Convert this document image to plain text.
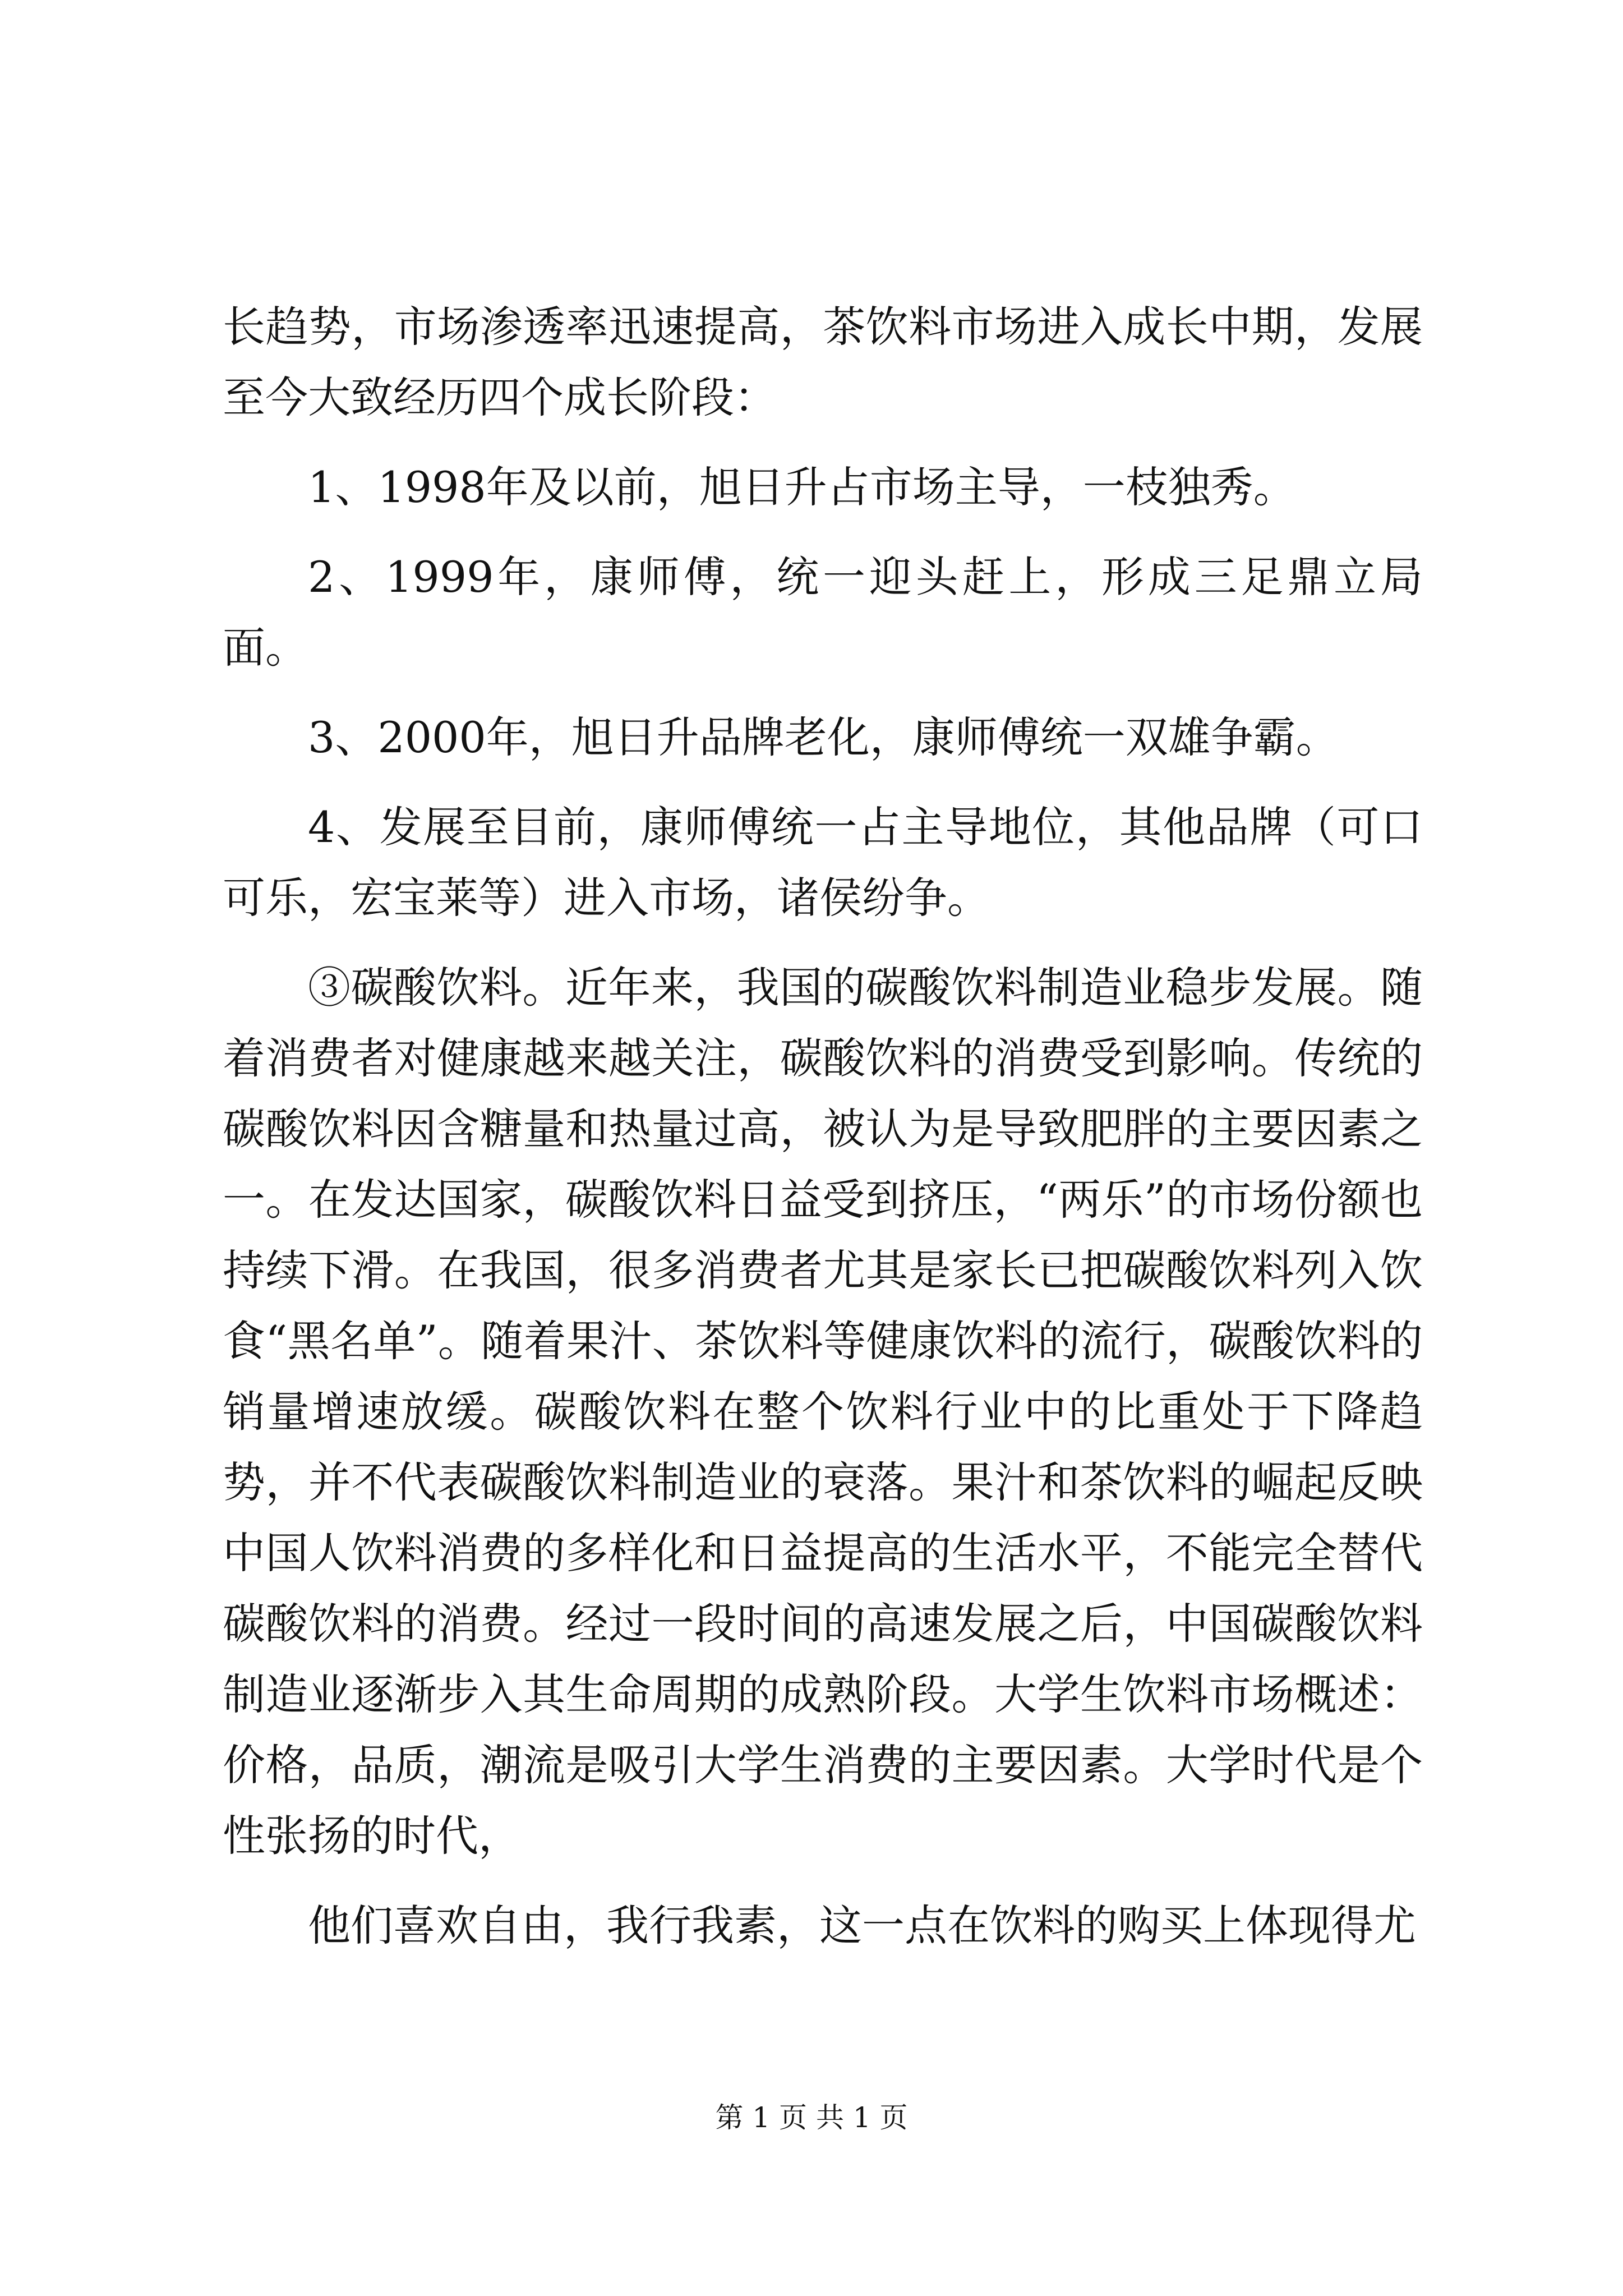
长趋势，市场渗透率迅速提高，茶饮料市场进入成长中期，发展至今大致经历四个成长阶段：

1、1998年及以前，旭日升占市场主导，一枝独秀。

2、1999年，康师傅，统一迎头赶上，形成三足鼎立局面。

3、2000年，旭日升品牌老化，康师傅统一双雄争霸。

4、发展至目前，康师傅统一占主导地位，其他品牌（可口可乐，宏宝莱等）进入市场，诸侯纷争。

③碳酸饮料。近年来，我国的碳酸饮料制造业稳步发展。随着消费者对健康越来越关注，碳酸饮料的消费受到影响。传统的碳酸饮料因含糖量和热量过高，被认为是导致肥胖的主要因素之一。在发达国家，碳酸饮料日益受到挤压，“两乐”的市场份额也持续下滑。在我国，很多消费者尤其是家长已把碳酸饮料列入饮食“黑名单”。随着果汁、茶饮料等健康饮料的流行，碳酸饮料的销量增速放缓。碳酸饮料在整个饮料行业中的比重处于下降趋势，并不代表碳酸饮料制造业的衰落。果汁和茶饮料的崛起反映中国人饮料消费的多样化和日益提高的生活水平，不能完全替代碳酸饮料的消费。经过一段时间的高速发展之后，中国碳酸饮料制造业逐渐步入其生命周期的成熟阶段。大学生饮料市场概述：价格，品质，潮流是吸引大学生消费的主要因素。大学时代是个性张扬的时代，

他们喜欢自由，我行我素，这一点在饮料的购买上体现得尤

第 1 页 共 1 页
